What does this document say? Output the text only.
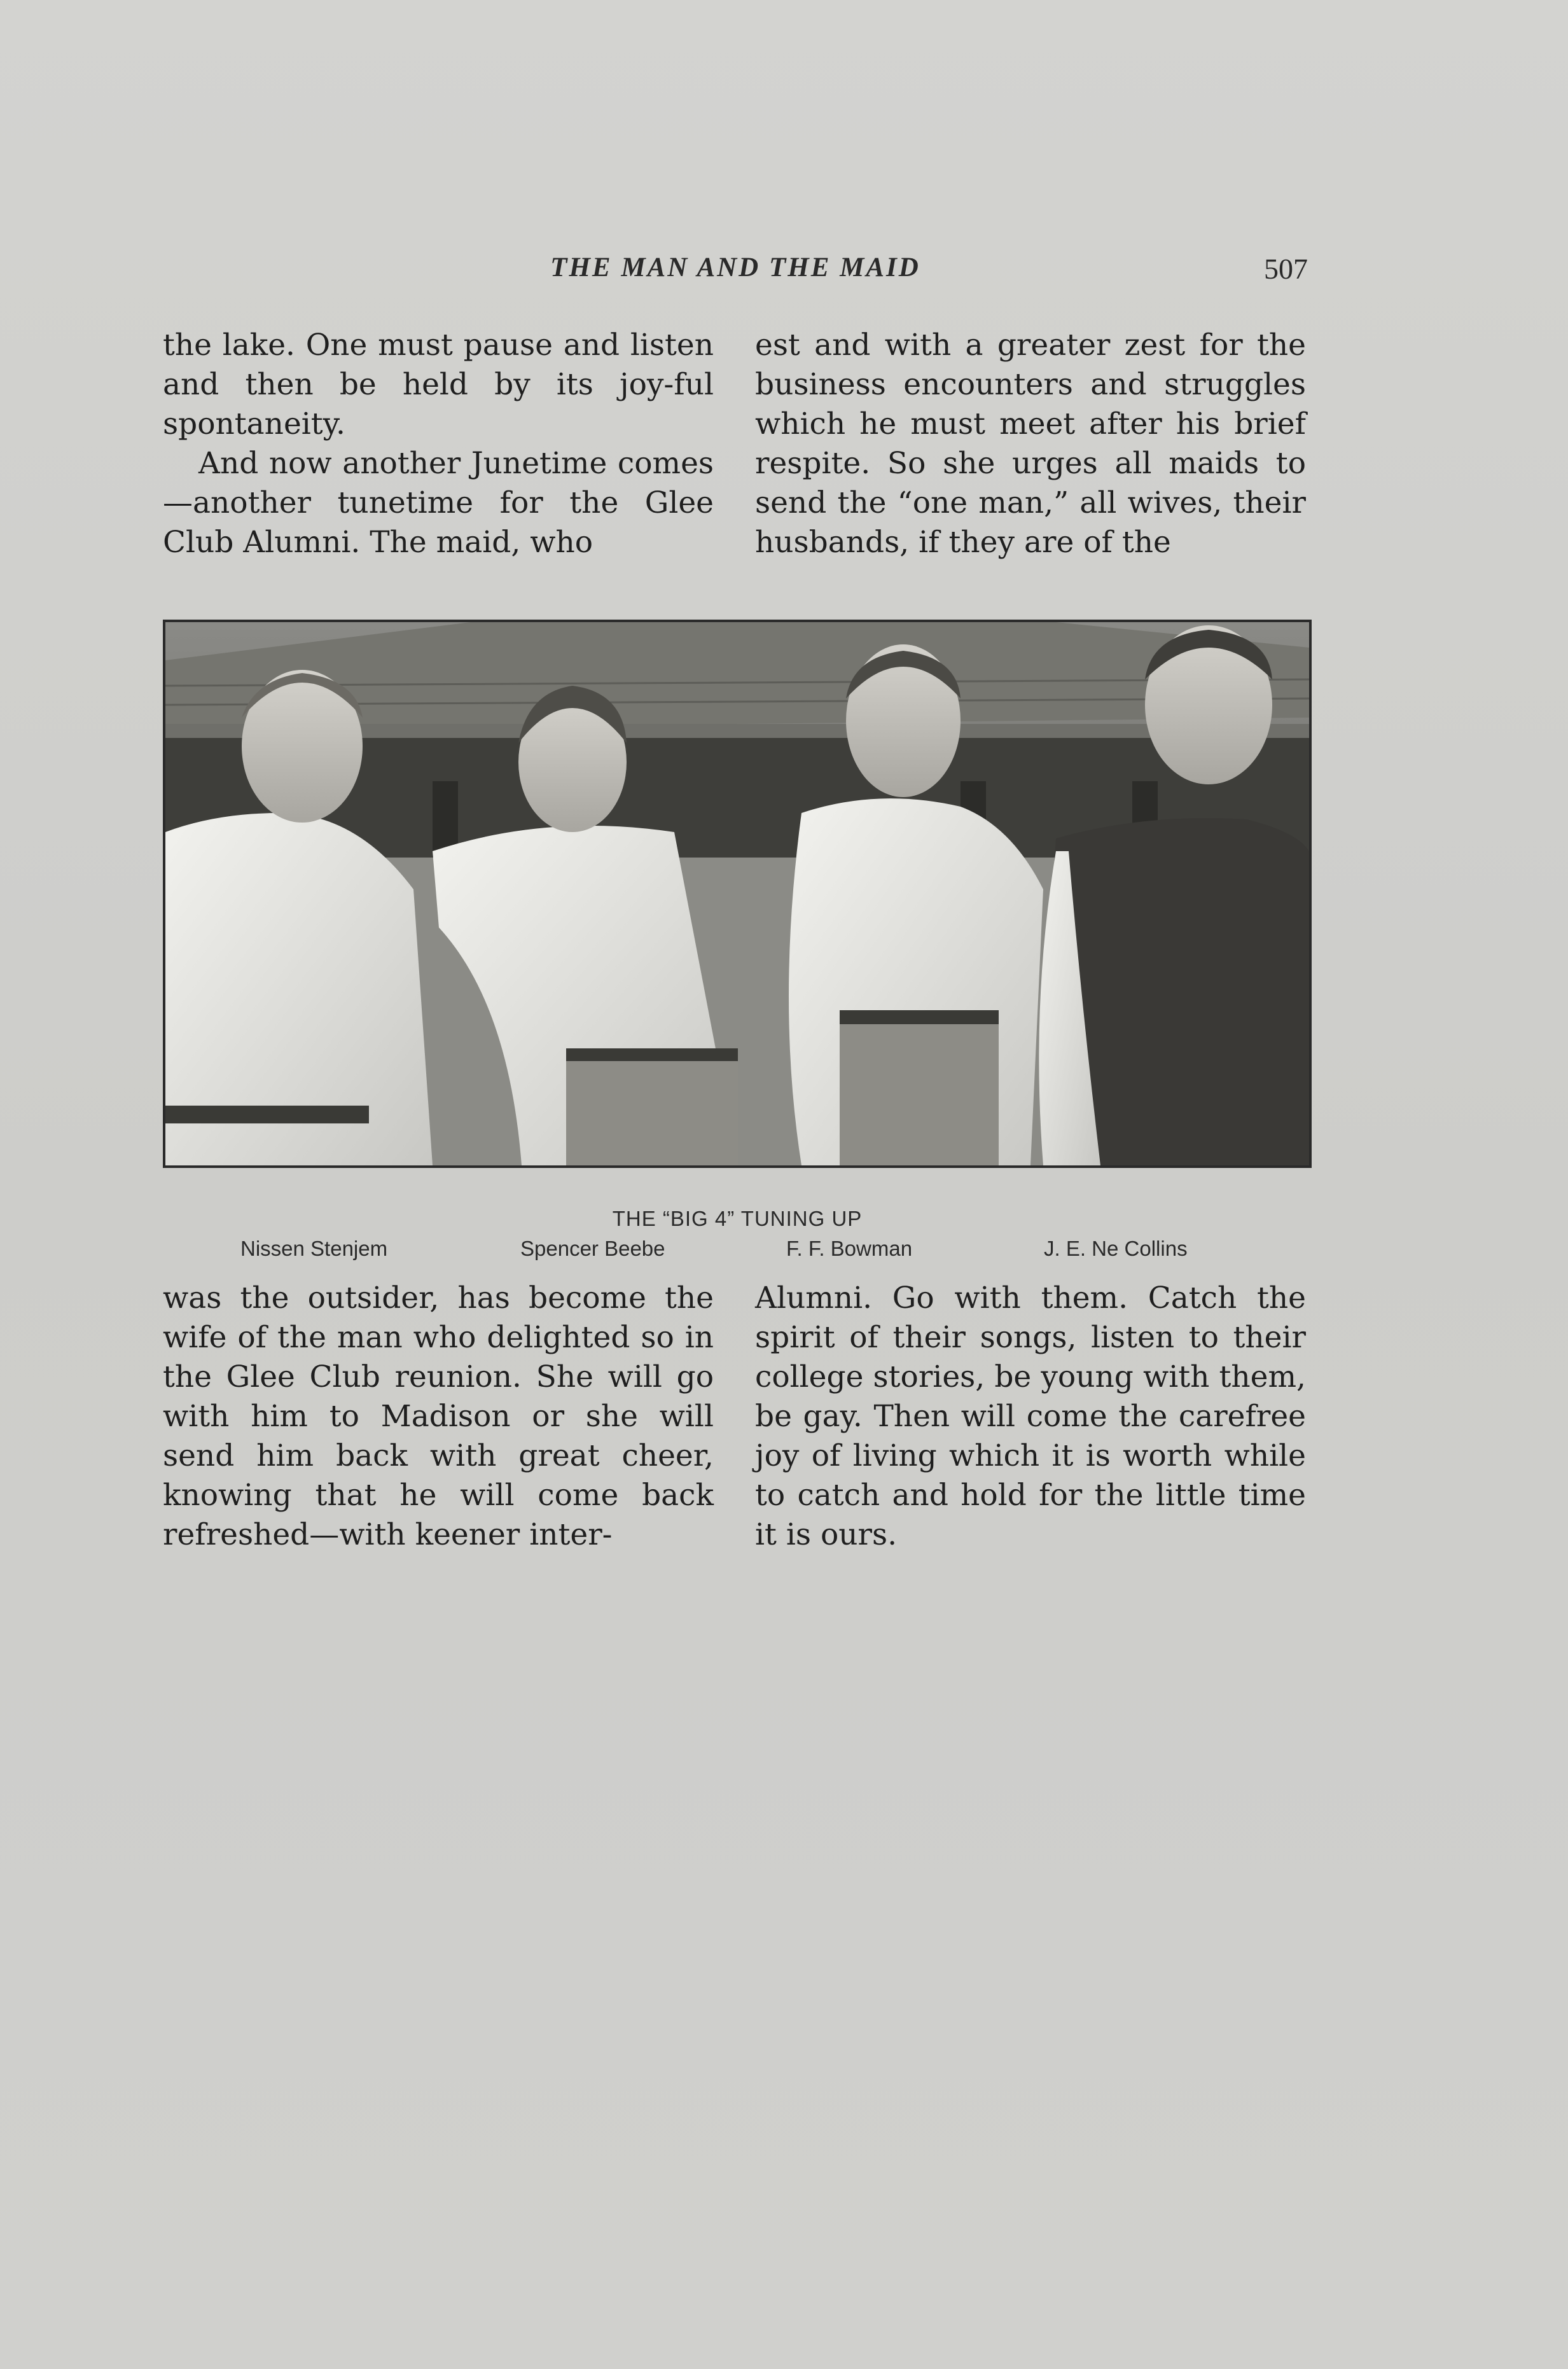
THE MAN AND THE MAID	507

the lake. One must pause and listen and then be held by its joy-ful spontaneity.

And now another Junetime comes—another tunetime for the Glee Club Alumni. The maid, who

est and with a greater zest for the business encounters and struggles which he must meet after his brief respite. So she urges all maids to send the “one man,” all wives, their husbands, if they are of the

THE “BIG 4” TUNING UP
Nissen Stenjem	Spencer Beebe	F. F. Bowman	J. E. Ne Collins

was the outsider, has become the wife of the man who delighted so in the Glee Club reunion. She will go with him to Madison or she will send him back with great cheer, knowing that he will come back refreshed—with keener inter-

Alumni. Go with them. Catch the spirit of their songs, listen to their college stories, be young with them, be gay. Then will come the carefree joy of living which it is worth while to catch and hold for the little time it is ours.
